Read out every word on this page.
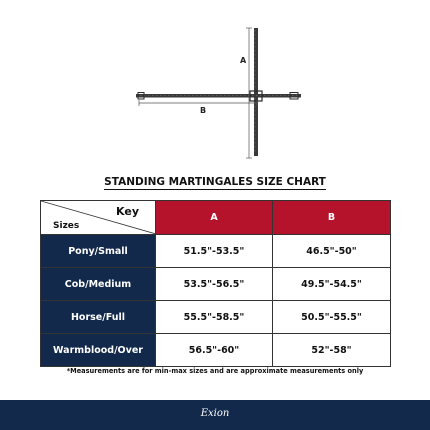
A
B
STANDING MARTINGALES SIZE CHART
Key
Sizes	A	B
Pony/Small	51.5"-53.5"	46.5"-50"
Cob/Medium	53.5"-56.5"	49.5"-54.5"
Horse/Full	55.5"-58.5"	50.5"-55.5"
Warmblood/Over	56.5"-60"	52"-58"
*Measurements are for min-max sizes and are approximate measurements only
Exion
